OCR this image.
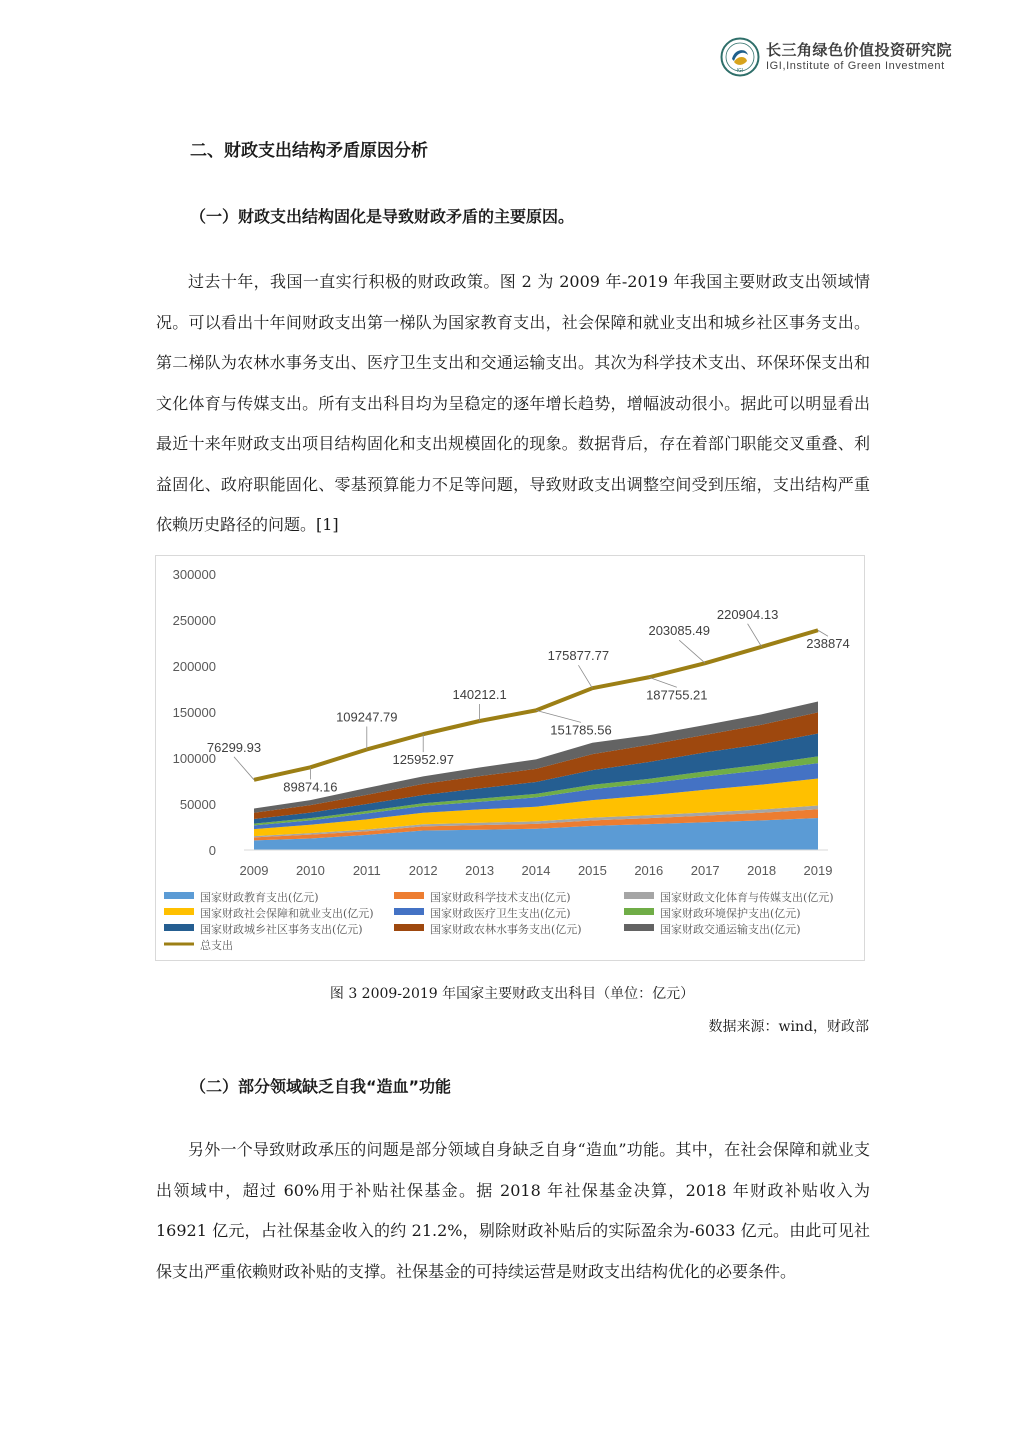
IGI
长三角绿色价值投资研究院
IGI,Institute of Green Investment
二、财政支出结构矛盾原因分析
（一）财政支出结构固化是导致财政矛盾的主要原因。

过去十年，我国一直实行积极的财政政策。图 2 为 2009 年-2019 年我国主要财政支出领域情况。可以看出十年间财政支出第一梯队为国家教育支出，社会保障和就业支出和城乡社区事务支出。第二梯队为农林水事务支出、医疗卫生支出和交通运输支出。其次为科学技术支出、环保环保支出和文化体育与传媒支出。所有支出科目均为呈稳定的逐年增长趋势，增幅波动很小。据此可以明显看出最近十来年财政支出项目结构固化和支出规模固化的现象。数据背后，存在着部门职能交叉重叠、利益固化、政府职能固化、零基预算能力不足等问题，导致财政支出调整空间受到压缩，支出结构严重依赖历史路径的问题。[1]

0
50000
100000
150000
200000
250000
300000
2009 2010 2011 2012 2013 2014 2015 2016 2017 2018 2019
76299.93
89874.16
109247.79
125952.97
140212.1
151785.56
175877.77
187755.21
203085.49
220904.13
238874
国家财政教育支出(亿元)	国家财政科学技术支出(亿元)	国家财政文化体育与传媒支出(亿元)
国家财政社会保障和就业支出(亿元)	国家财政医疗卫生支出(亿元)	国家财政环境保护支出(亿元)
国家财政城乡社区事务支出(亿元)	国家财政农林水事务支出(亿元)	国家财政交通运输支出(亿元)
总支出
图 3 2009-2019 年国家主要财政支出科目（单位：亿元）
数据来源：wind，财政部
（二）部分领域缺乏自我“造血”功能

另外一个导致财政承压的问题是部分领域自身缺乏自身“造血”功能。其中，在社会保障和就业支出领域中，超过 60%用于补贴社保基金。据 2018 年社保基金决算，2018 年财政补贴收入为 16921 亿元，占社保基金收入的约 21.2%，剔除财政补贴后的实际盈余为-6033 亿元。由此可见社保支出严重依赖财政补贴的支撑。社保基金的可持续运营是财政支出结构优化的必要条件。
